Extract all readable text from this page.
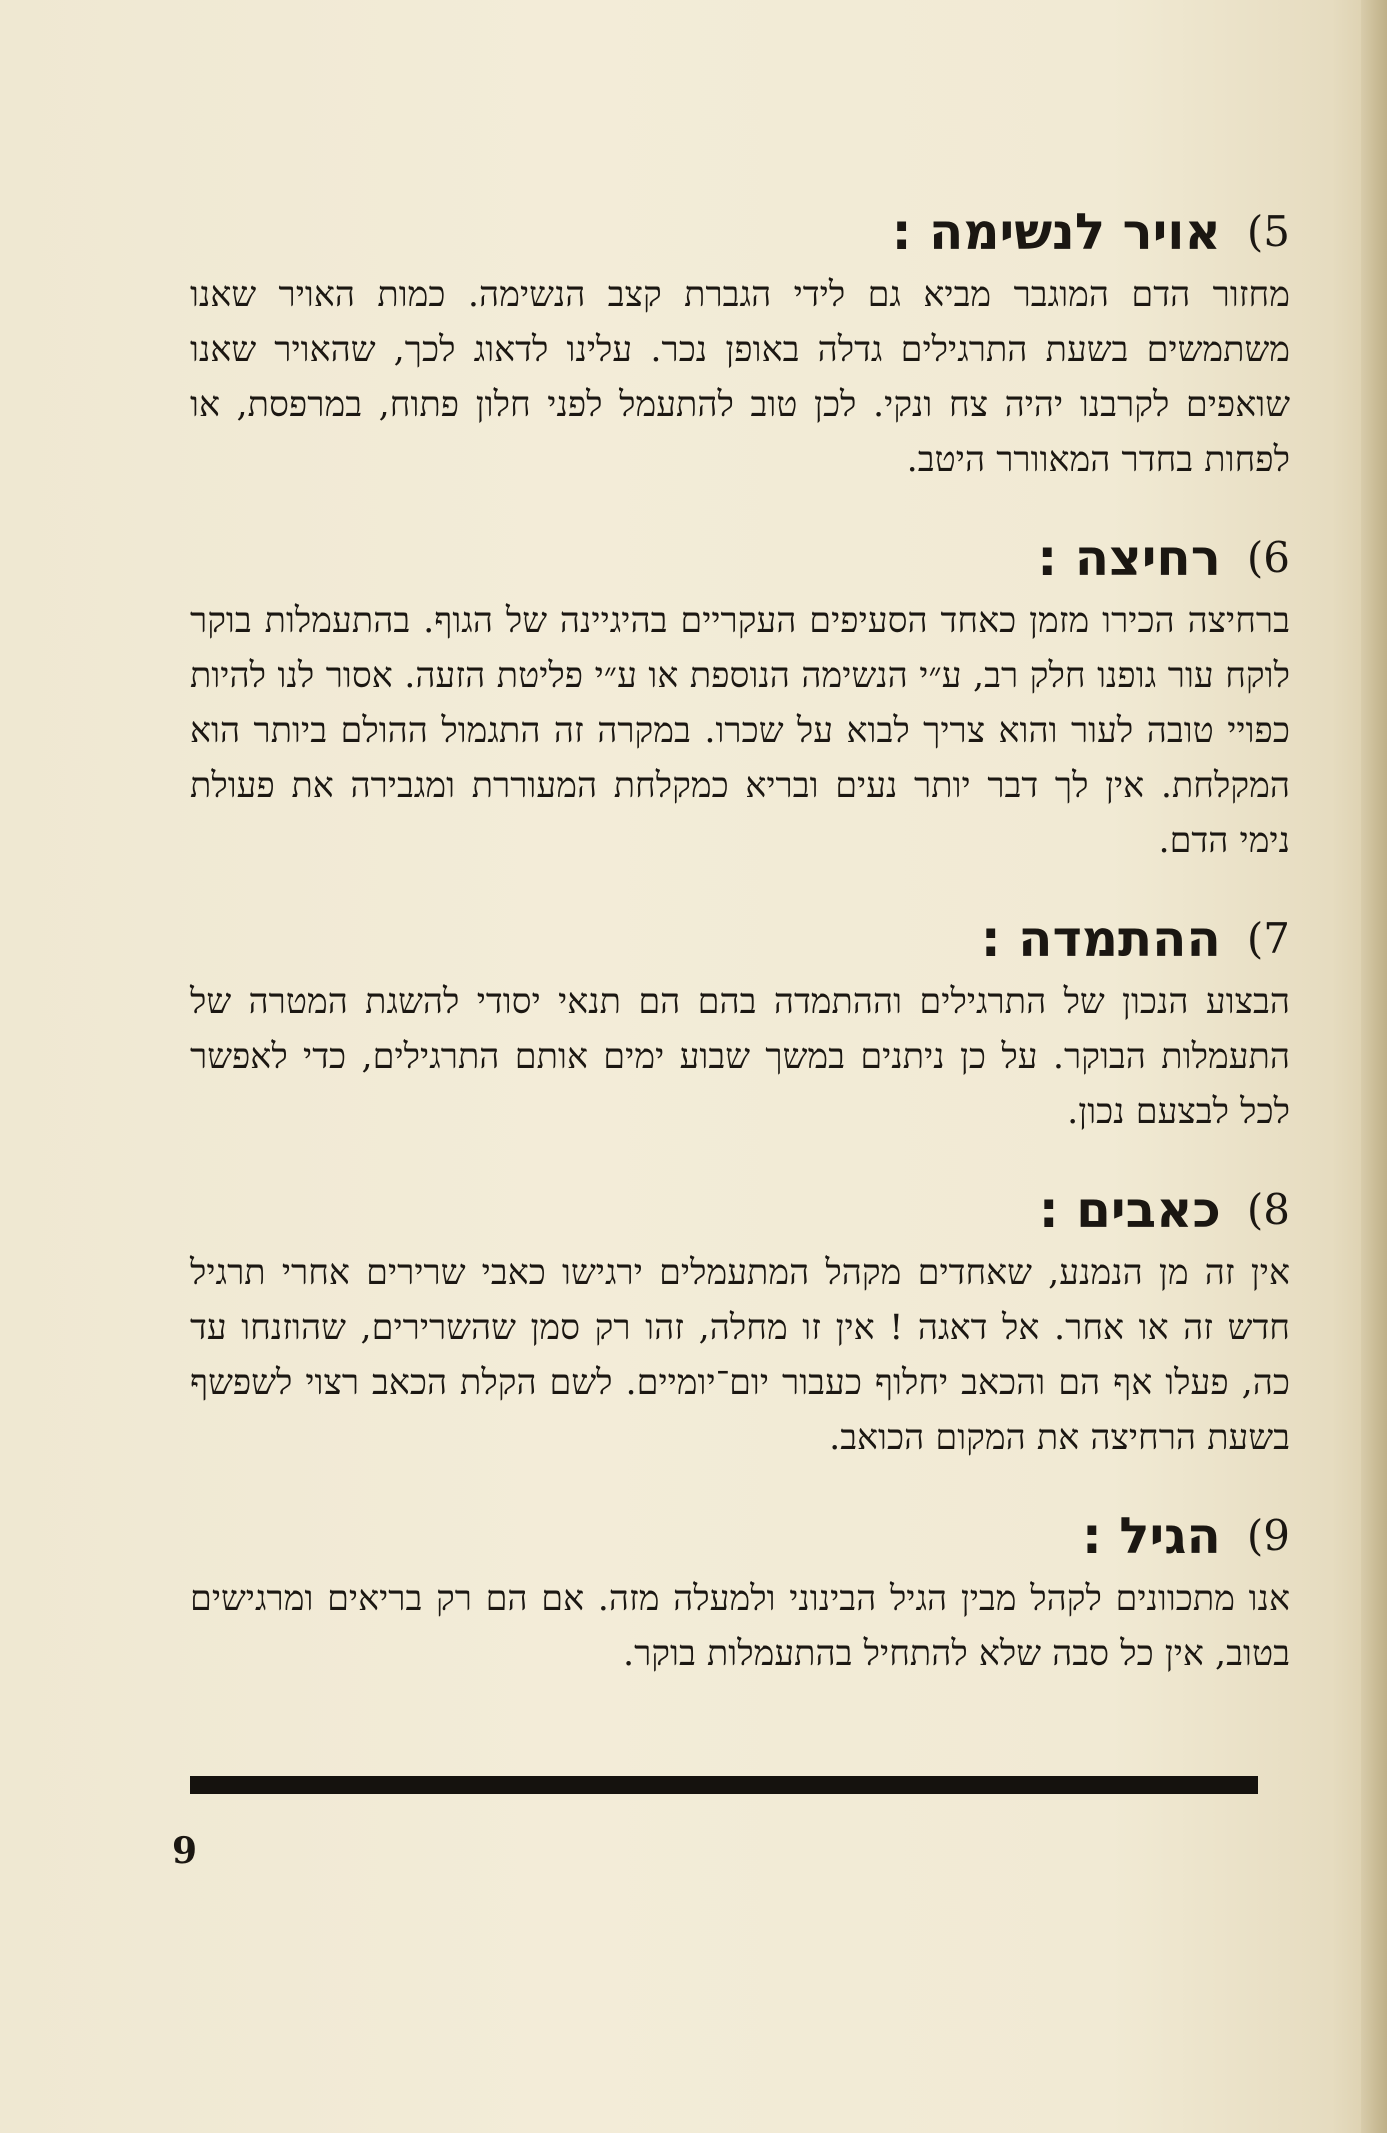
5)
אויר לנשימה :

מחזור הדם המוגבר מביא גם לידי הגברת קצב הנשימה. כמות האויר שאנו משתמשים בשעת התרגילים גדלה באופן נכר. עלינו לדאוג לכך, שהאויר שאנו שואפים לקרבנו יהיה צח ונקי. לכן טוב להתעמל לפני חלון פתוח, במרפסת, או לפחות בחדר המאוורר היטב.

6)
רחיצה :

ברחיצה הכירו מזמן כאחד הסעיפים העקריים בהיגיינה של הגוף. בהתעמלות בוקר לוקח עור גופנו חלק רב, ע״י הנשימה הנוספת או ע״י פליטת הזעה. אסור לנו להיות כפויי טובה לעור והוא צריך לבוא על שכרו. במקרה זה התגמול ההולם ביותר הוא המקלחת. אין לך דבר יותר נעים ובריא כמקלחת המעוררת ומגבירה את פעולת נימי הדם.

7)
ההתמדה :

הבצוע הנכון של התרגילים וההתמדה בהם הם תנאי יסודי להשגת המטרה של התעמלות הבוקר. על כן ניתנים במשך שבוע ימים אותם התרגילים, כדי לאפשר לכל לבצעם נכון.

8)
כאבים :

אין זה מן הנמנע, שאחדים מקהל המתעמלים ירגישו כאבי שרירים אחרי תרגיל חדש זה או אחר. אל דאגה ! אין זו מחלה, זהו רק סמן שהשרירים, שהוזנחו עד כה, פעלו אף הם והכאב יחלוף כעבור יום־יומיים. לשם הקלת הכאב רצוי לשפשף בשעת הרחיצה את המקום הכואב.

9)
הגיל :

אנו מתכוונים לקהל מבין הגיל הבינוני ולמעלה מזה. אם הם רק בריאים ומרגישים בטוב, אין כל סבה שלא להתחיל בהתעמלות בוקר.

9
